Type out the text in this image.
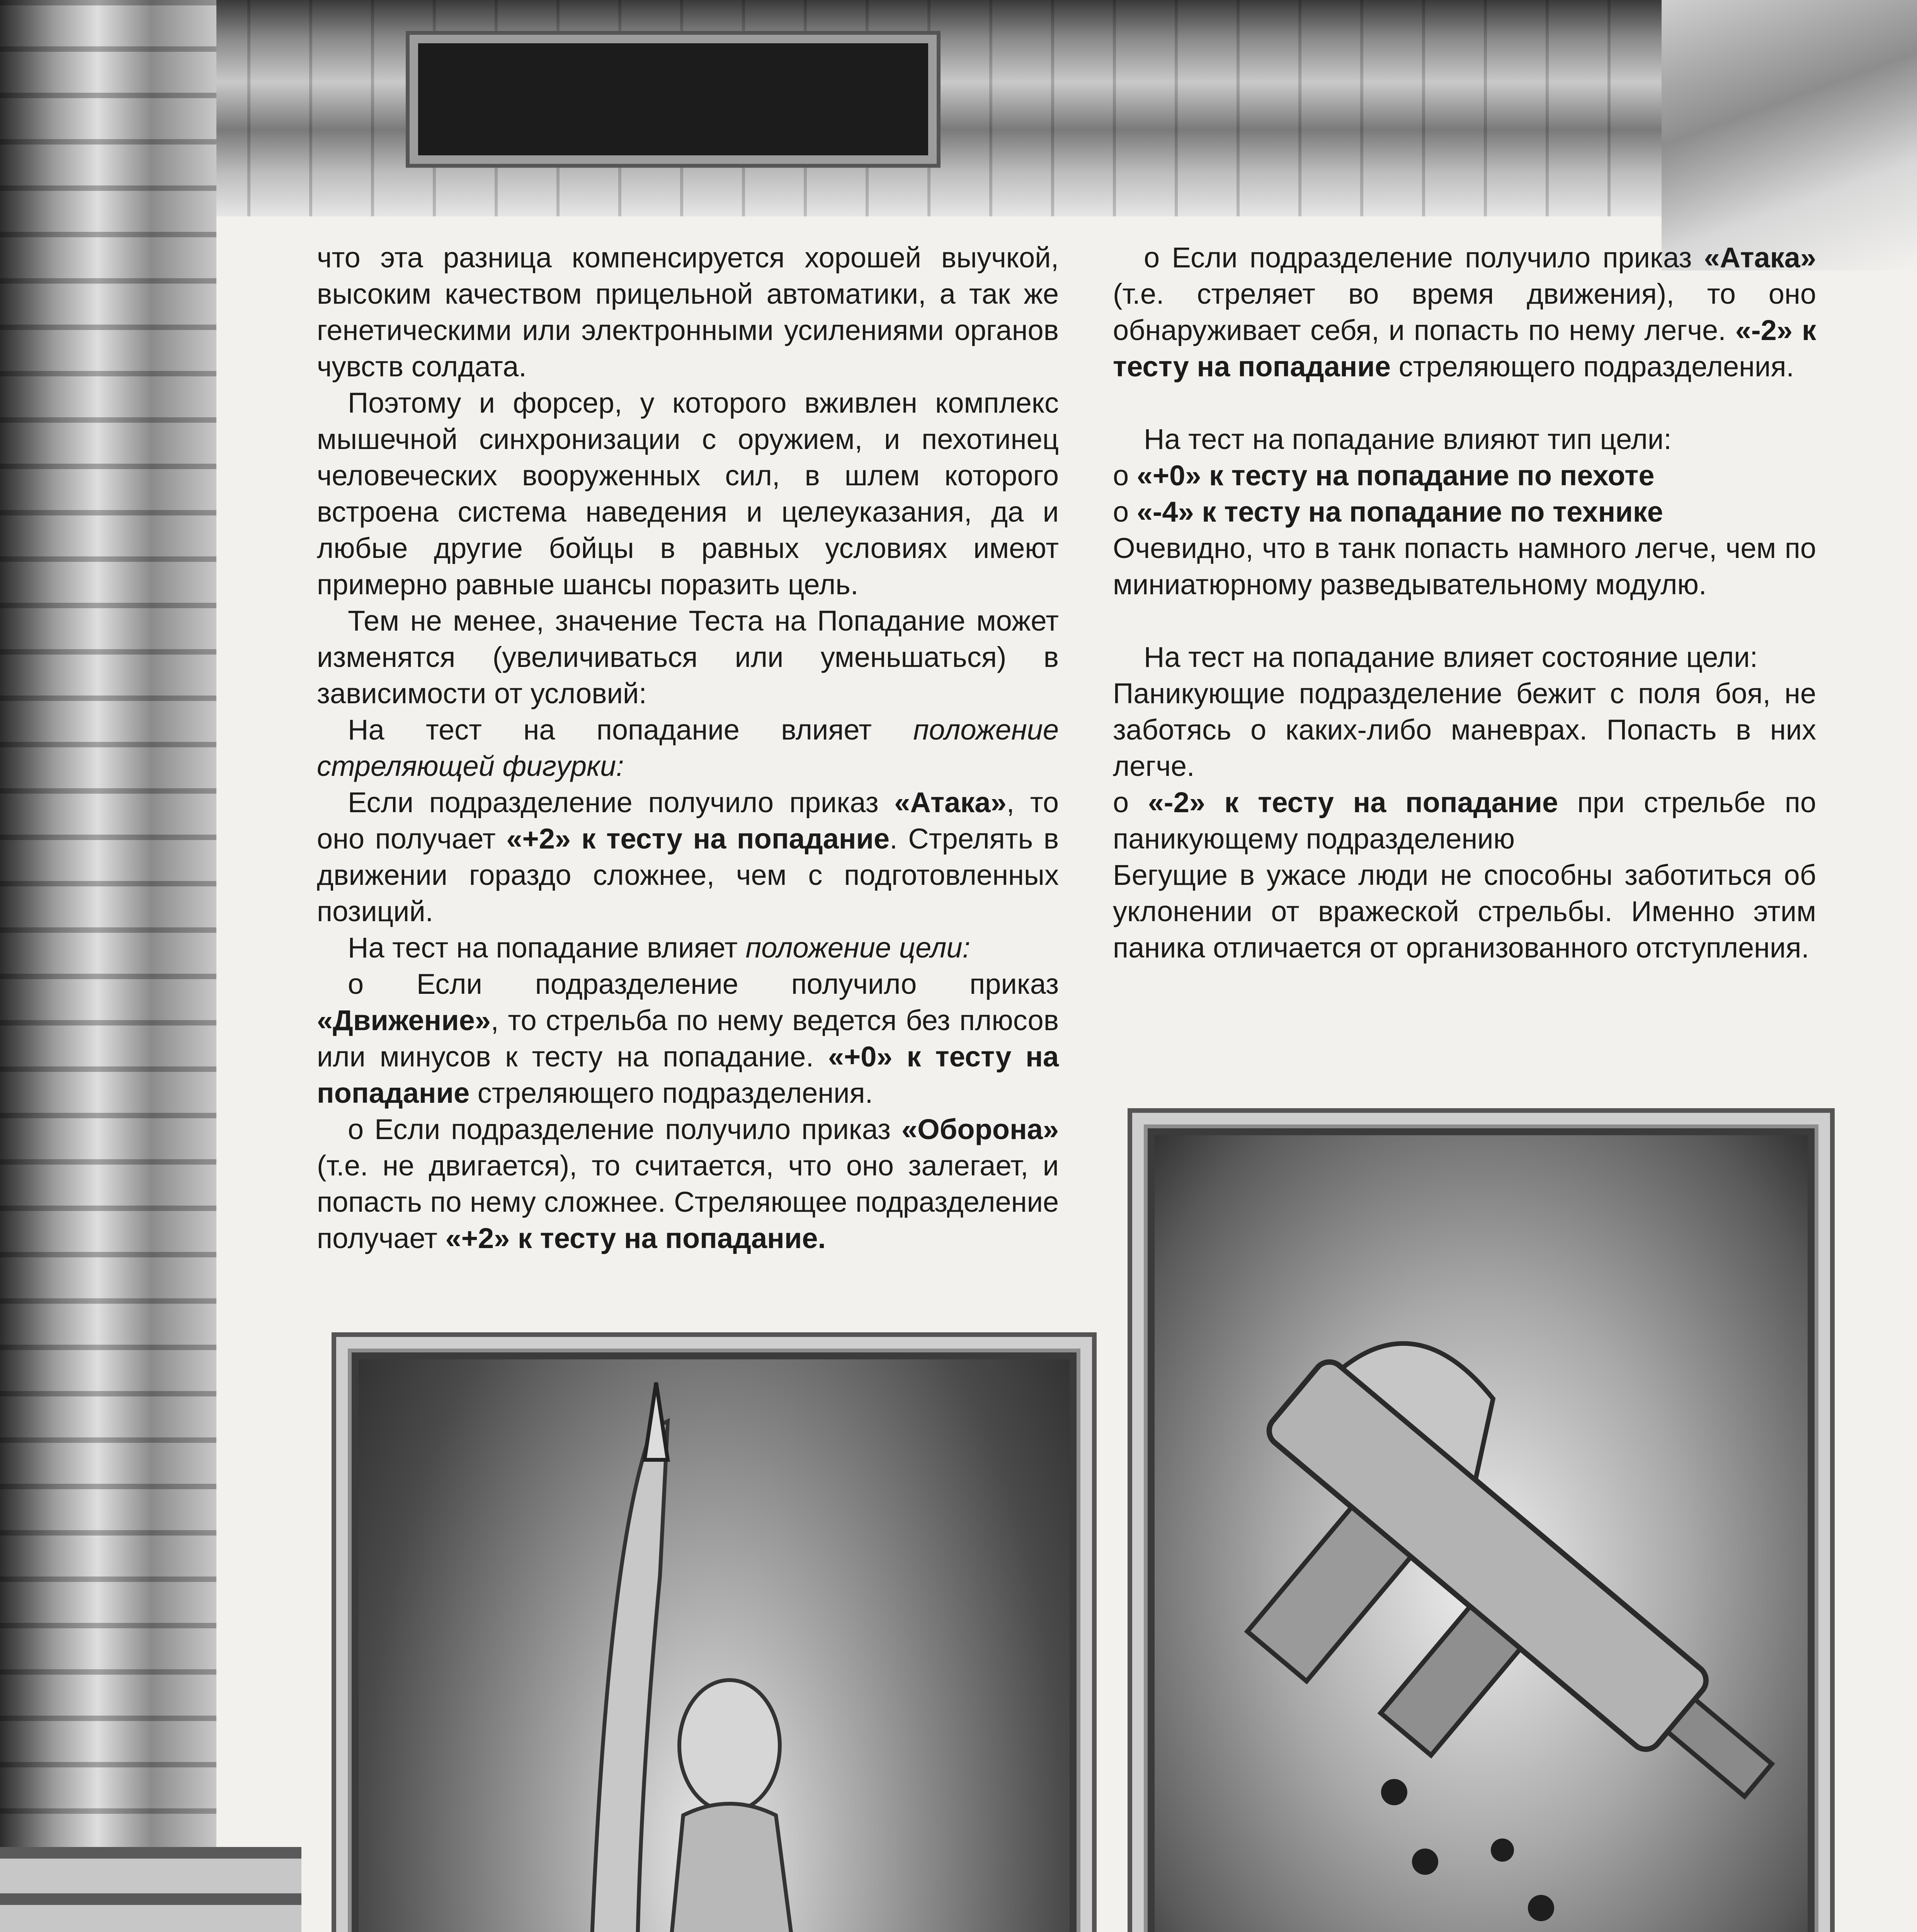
что эта разница компенсируется хорошей выучкой, высоким качеством прицельной автоматики, а так же генетическими или электронными усилениями органов чувств солдата.

Поэтому и форсер, у которого вживлен комплекс мышечной синхронизации с оружием, и пехотинец человеческих вооруженных сил, в шлем которого встроена система наведения и целеуказания, да и любые другие бойцы в равных условиях имеют примерно равные шансы поразить цель.

Тем не менее, значение Теста на Попадание может изменятся (увеличиваться или уменьшаться) в зависимости от условий:

На тест на попадание влияет положение стреляющей фигурки:

Если подразделение получило приказ «Атака», то оно получает «+2» к тесту на попадание. Стрелять в движении гораздо сложнее, чем с подготовленных позиций.

На тест на попадание влияет положение цели:

o Если подразделение получило приказ «Движение», то стрельба по нему ведется без плюсов или минусов к тесту на попадание. «+0» к тесту на попадание стреляющего подразделения.

o Если подразделение получило приказ «Оборона» (т.е. не двигается), то считается, что оно залегает, и попасть по нему сложнее. Стреляющее подразделение получает «+2» к тесту на попадание.

o Если подразделение получило приказ «Атака» (т.е. стреляет во время движения), то оно обнаруживает себя, и попасть по нему легче. «-2» к тесту на попадание стреляющего подразделения.

На тест на попадание влияют тип цели:

o «+0» к тесту на попадание по пехоте

o «-4» к тесту на попадание по технике

Очевидно, что в танк попасть намного легче, чем по миниатюрному разведывательному модулю.

На тест на попадание влияет состояние цели:

Паникующие подразделение бежит с поля боя, не заботясь о каких-либо маневрах. Попасть в них легче.

o «-2» к тесту на попадание при стрельбе по паникующему подразделению

Бегущие в ужасе люди не способны заботиться об уклонении от вражеской стрельбы. Именно этим паника отличается от организованного отступления.
